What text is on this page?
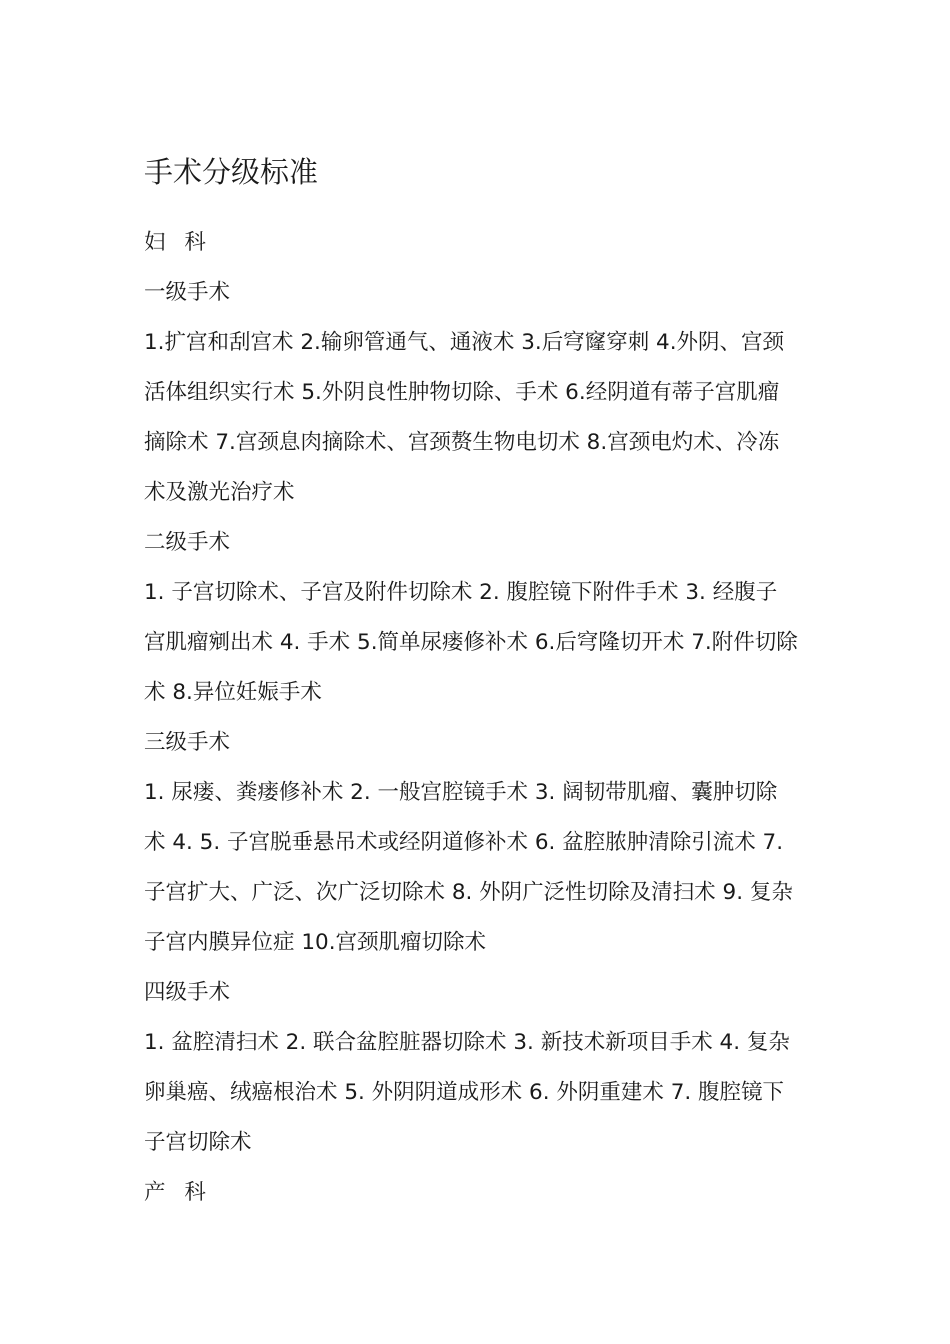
手术分级标准

妇 科

一级手术

1.扩宫和刮宫术 2.输卵管通气、通液术 3.后穹窿穿刺 4.外阴、宫颈

活体组织实行术 5.外阴良性肿物切除、手术 6.经阴道有蒂子宫肌瘤

摘除术 7.宫颈息肉摘除术、宫颈赘生物电切术 8.宫颈电灼术、冷冻

术及激光治疗术

二级手术

1. 子宫切除术、子宫及附件切除术 2. 腹腔镜下附件手术 3. 经腹子

宫肌瘤剜出术 4. 手术 5.简单尿瘘修补术 6.后穹隆切开术 7.附件切除

术 8.异位妊娠手术

三级手术

1. 尿瘘、粪瘘修补术 2. 一般宫腔镜手术 3. 阔韧带肌瘤、囊肿切除

术 4. 5. 子宫脱垂悬吊术或经阴道修补术 6. 盆腔脓肿清除引流术 7.

子宫扩大、广泛、次广泛切除术 8. 外阴广泛性切除及清扫术 9. 复杂

子宫内膜异位症 10.宫颈肌瘤切除术

四级手术

1. 盆腔清扫术 2. 联合盆腔脏器切除术 3. 新技术新项目手术 4. 复杂

卵巢癌、绒癌根治术 5. 外阴阴道成形术 6. 外阴重建术 7. 腹腔镜下

子宫切除术

产 科
